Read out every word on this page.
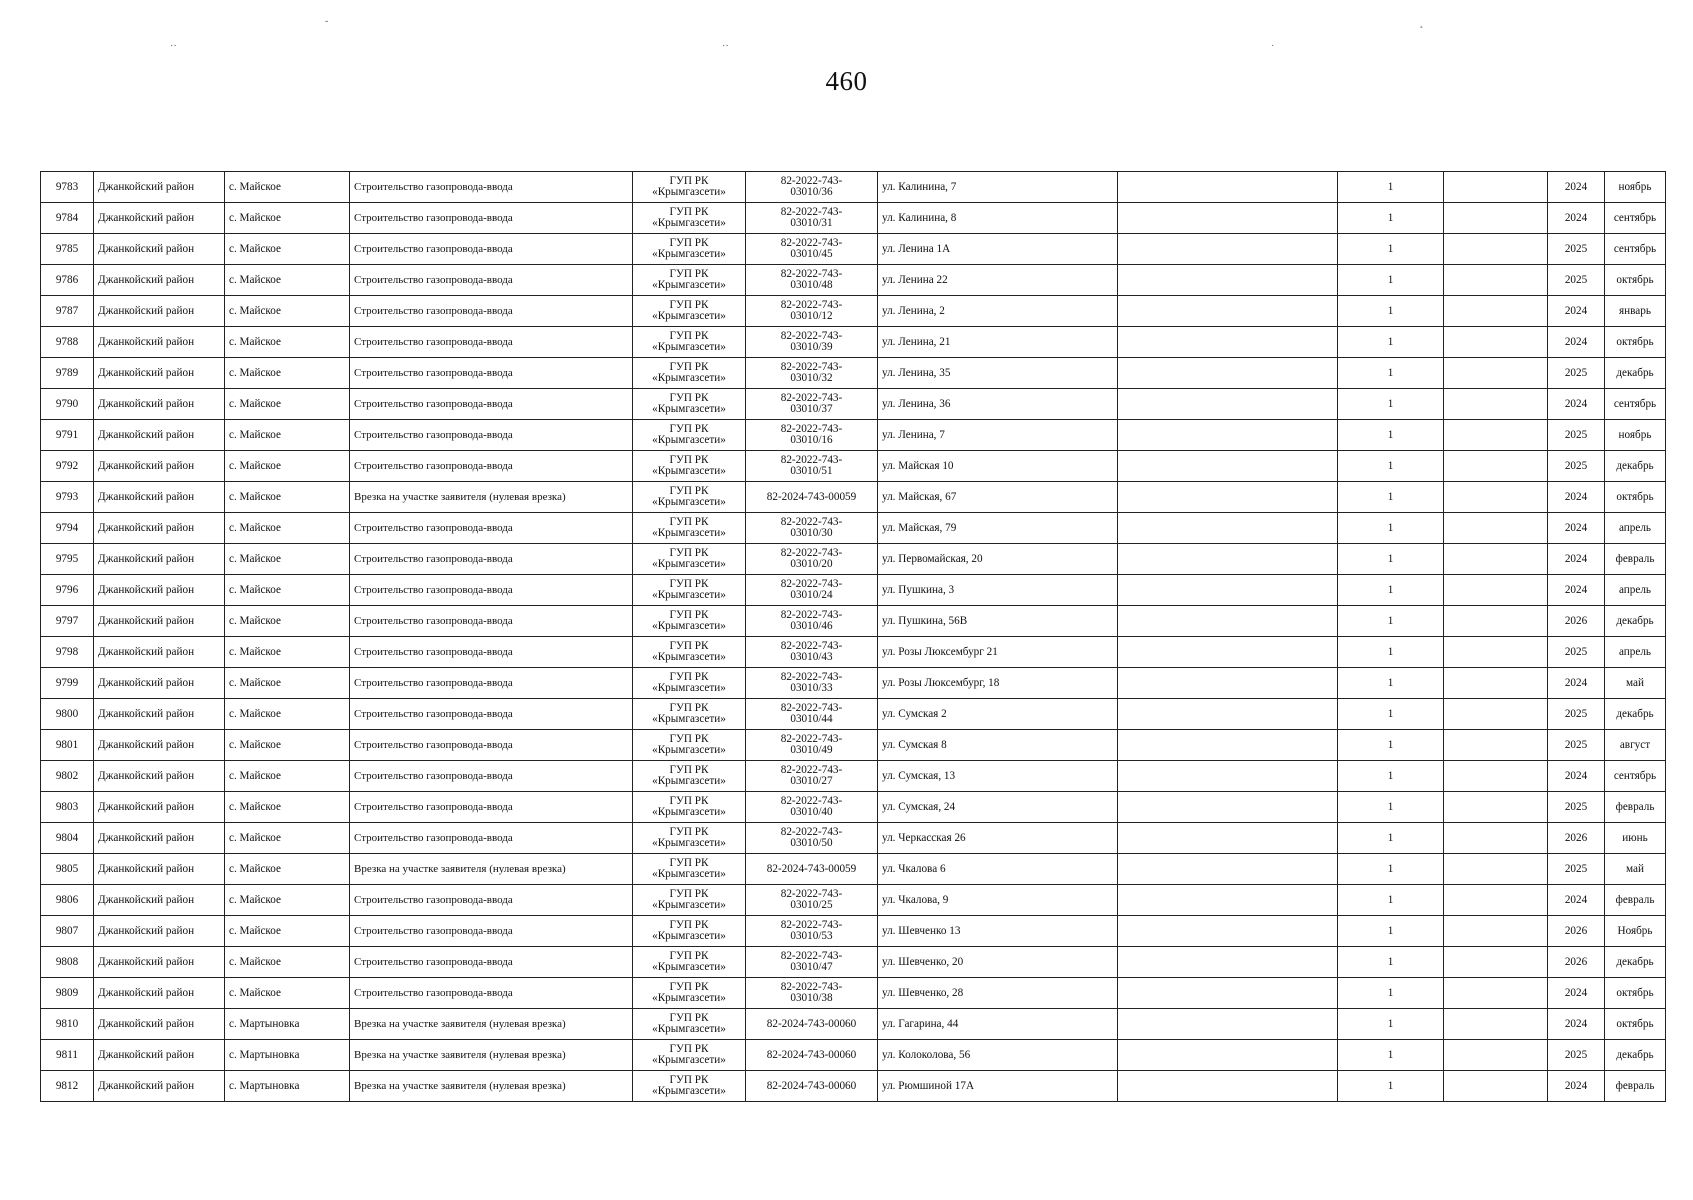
460
˘
˙˙	˙˙	˙
˛
9783	Джанкойский район	с. Майское	Строительство газопровода-ввода	ГУП РК
«Крымгазсети»	82-2022-743-
03010/36	ул. Калинина, 7		1		2024	ноябрь
9784	Джанкойский район	с. Майское	Строительство газопровода-ввода	ГУП РК
«Крымгазсети»	82-2022-743-
03010/31	ул. Калинина, 8		1		2024	сентябрь
9785	Джанкойский район	с. Майское	Строительство газопровода-ввода	ГУП РК
«Крымгазсети»	82-2022-743-
03010/45	ул. Ленина 1А		1		2025	сентябрь
9786	Джанкойский район	с. Майское	Строительство газопровода-ввода	ГУП РК
«Крымгазсети»	82-2022-743-
03010/48	ул. Ленина 22		1		2025	октябрь
9787	Джанкойский район	с. Майское	Строительство газопровода-ввода	ГУП РК
«Крымгазсети»	82-2022-743-
03010/12	ул. Ленина, 2		1		2024	январь
9788	Джанкойский район	с. Майское	Строительство газопровода-ввода	ГУП РК
«Крымгазсети»	82-2022-743-
03010/39	ул. Ленина, 21		1		2024	октябрь
9789	Джанкойский район	с. Майское	Строительство газопровода-ввода	ГУП РК
«Крымгазсети»	82-2022-743-
03010/32	ул. Ленина, 35		1		2025	декабрь
9790	Джанкойский район	с. Майское	Строительство газопровода-ввода	ГУП РК
«Крымгазсети»	82-2022-743-
03010/37	ул. Ленина, 36		1		2024	сентябрь
9791	Джанкойский район	с. Майское	Строительство газопровода-ввода	ГУП РК
«Крымгазсети»	82-2022-743-
03010/16	ул. Ленина, 7		1		2025	ноябрь
9792	Джанкойский район	с. Майское	Строительство газопровода-ввода	ГУП РК
«Крымгазсети»	82-2022-743-
03010/51	ул. Майская 10		1		2025	декабрь
9793	Джанкойский район	с. Майское	Врезка на участке заявителя (нулевая врезка)	ГУП РК
«Крымгазсети»	82-2024-743-00059	ул. Майская, 67		1		2024	октябрь
9794	Джанкойский район	с. Майское	Строительство газопровода-ввода	ГУП РК
«Крымгазсети»	82-2022-743-
03010/30	ул. Майская, 79		1		2024	апрель
9795	Джанкойский район	с. Майское	Строительство газопровода-ввода	ГУП РК
«Крымгазсети»	82-2022-743-
03010/20	ул. Первомайская, 20		1		2024	февраль
9796	Джанкойский район	с. Майское	Строительство газопровода-ввода	ГУП РК
«Крымгазсети»	82-2022-743-
03010/24	ул. Пушкина, 3		1		2024	апрель
9797	Джанкойский район	с. Майское	Строительство газопровода-ввода	ГУП РК
«Крымгазсети»	82-2022-743-
03010/46	ул. Пушкина, 56В		1		2026	декабрь
9798	Джанкойский район	с. Майское	Строительство газопровода-ввода	ГУП РК
«Крымгазсети»	82-2022-743-
03010/43	ул. Розы Люксембург 21		1		2025	апрель
9799	Джанкойский район	с. Майское	Строительство газопровода-ввода	ГУП РК
«Крымгазсети»	82-2022-743-
03010/33	ул. Розы Люксембург, 18		1		2024	май
9800	Джанкойский район	с. Майское	Строительство газопровода-ввода	ГУП РК
«Крымгазсети»	82-2022-743-
03010/44	ул. Сумская 2		1		2025	декабрь
9801	Джанкойский район	с. Майское	Строительство газопровода-ввода	ГУП РК
«Крымгазсети»	82-2022-743-
03010/49	ул. Сумская 8		1		2025	август
9802	Джанкойский район	с. Майское	Строительство газопровода-ввода	ГУП РК
«Крымгазсети»	82-2022-743-
03010/27	ул. Сумская, 13		1		2024	сентябрь
9803	Джанкойский район	с. Майское	Строительство газопровода-ввода	ГУП РК
«Крымгазсети»	82-2022-743-
03010/40	ул. Сумская, 24		1		2025	февраль
9804	Джанкойский район	с. Майское	Строительство газопровода-ввода	ГУП РК
«Крымгазсети»	82-2022-743-
03010/50	ул. Черкасская 26		1		2026	июнь
9805	Джанкойский район	с. Майское	Врезка на участке заявителя (нулевая врезка)	ГУП РК
«Крымгазсети»	82-2024-743-00059	ул. Чкалова 6		1		2025	май
9806	Джанкойский район	с. Майское	Строительство газопровода-ввода	ГУП РК
«Крымгазсети»	82-2022-743-
03010/25	ул. Чкалова, 9		1		2024	февраль
9807	Джанкойский район	с. Майское	Строительство газопровода-ввода	ГУП РК
«Крымгазсети»	82-2022-743-
03010/53	ул. Шевченко 13		1		2026	Ноябрь
9808	Джанкойский район	с. Майское	Строительство газопровода-ввода	ГУП РК
«Крымгазсети»	82-2022-743-
03010/47	ул. Шевченко, 20		1		2026	декабрь
9809	Джанкойский район	с. Майское	Строительство газопровода-ввода	ГУП РК
«Крымгазсети»	82-2022-743-
03010/38	ул. Шевченко, 28		1		2024	октябрь
9810	Джанкойский район	с. Мартыновка	Врезка на участке заявителя (нулевая врезка)	ГУП РК
«Крымгазсети»	82-2024-743-00060	ул. Гагарина, 44		1		2024	октябрь
9811	Джанкойский район	с. Мартыновка	Врезка на участке заявителя (нулевая врезка)	ГУП РК
«Крымгазсети»	82-2024-743-00060	ул. Колоколова, 56		1		2025	декабрь
9812	Джанкойский район	с. Мартыновка	Врезка на участке заявителя (нулевая врезка)	ГУП РК
«Крымгазсети»	82-2024-743-00060	ул. Рюмшиной 17А		1		2024	февраль
